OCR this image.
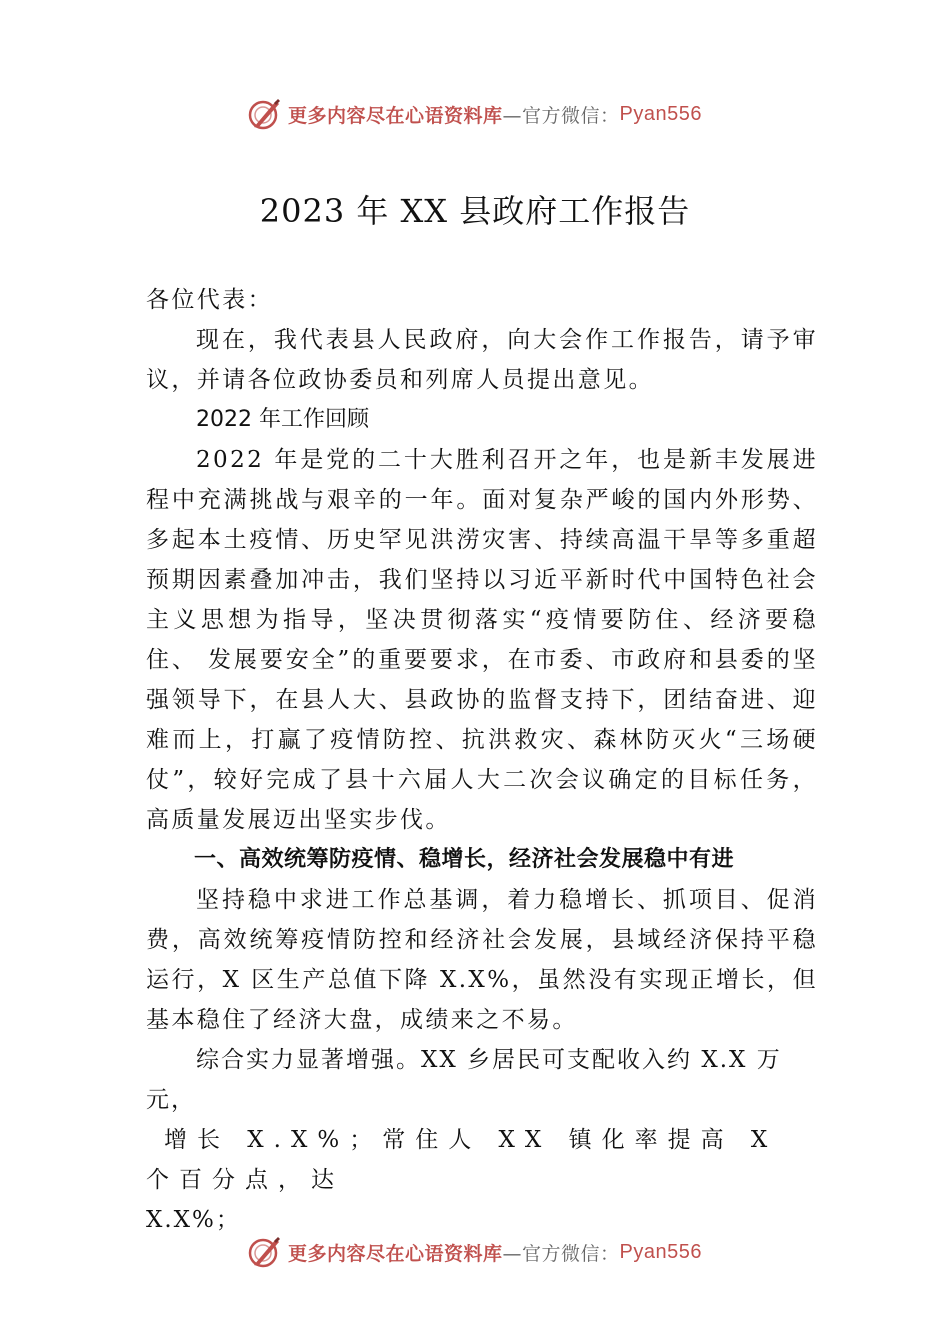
更多内容尽在心语资料库 —官方微信： Pyan556
2023 年 XX 县政府工作报告

各位代表：

现在，我代表县人民政府，向大会作工作报告，请予审议，并请各位政协委员和列席人员提出意见。

2022 年工作回顾

2022 年是党的二十大胜利召开之年，也是新丰发展进程中充满挑战与艰辛的一年。面对复杂严峻的国内外形势、多起本土疫情、历史罕见洪涝灾害、持续高温干旱等多重超预期因素叠加冲击，我们坚持以习近平新时代中国特色社会主义思想为指导，坚决贯彻落实“疫情要防住、经济要稳住、 发展要安全”的重要要求，在市委、市政府和县委的坚强领导下，在县人大、县政协的监督支持下，团结奋进、迎难而上，打赢了疫情防控、抗洪救灾、森林防灭火“三场硬仗”，较好完成了县十六届人大二次会议确定的目标任务，高质量发展迈出坚实步伐。

一、高效统筹防疫情、稳增长，经济社会发展稳中有进

坚持稳中求进工作总基调，着力稳增长、抓项目、促消费，高效统筹疫情防控和经济社会发展，县域经济保持平稳运行，X 区生产总值下降 X.X%，虽然没有实现正增长，但基本稳住了经济大盘，成绩来之不易。

综合实力显著增强。XX 乡居民可支配收入约 X.X 万元，

增长 X.X%；常住人 XX 镇化率提高 X 个百分点，达

X.X%；

更多内容尽在心语资料库 —官方微信： Pyan556
